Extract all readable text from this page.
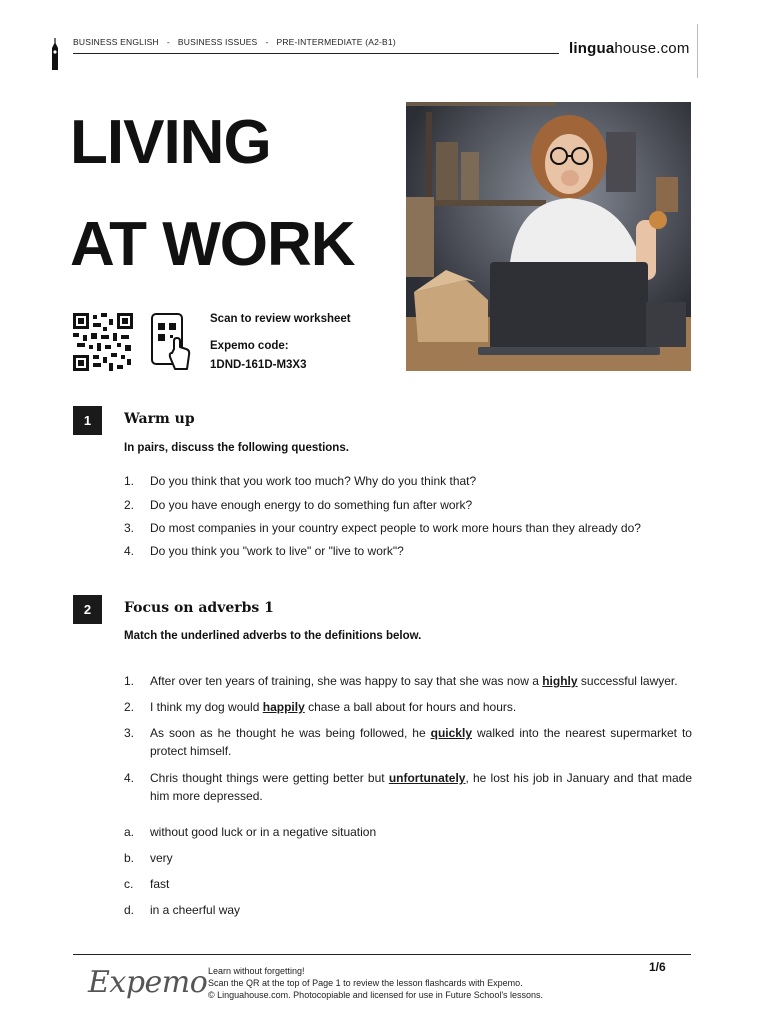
BUSINESS ENGLISH - BUSINESS ISSUES - PRE-INTERMEDIATE (A2-B1)	linguahouse.com
LIVING
AT WORK
Scan to review worksheet
Expemo code:
1DND-161D-M3X3
1	Warm up
In pairs, discuss the following questions.
1. Do you think that you work too much? Why do you think that?
2. Do you have enough energy to do something fun after work?
3. Do most companies in your country expect people to work more hours than they already do?
4. Do you think you "work to live" or "live to work"?
2	Focus on adverbs 1
Match the underlined adverbs to the definitions below.
1. After over ten years of training, she was happy to say that she was now a highly successful lawyer.
2. I think my dog would happily chase a ball about for hours and hours.
3. As soon as he thought he was being followed, he quickly walked into the nearest supermarket to protect himself.
4. Chris thought things were getting better but unfortunately, he lost his job in January and that made him more depressed.
a. without good luck or in a negative situation
b. very
c. fast
d. in a cheerful way
Expemo Learn without forgetting!
Scan the QR at the top of Page 1 to review the lesson flashcards with Expemo.
© Linguahouse.com. Photocopiable and licensed for use in Future School's lessons.
1/6
